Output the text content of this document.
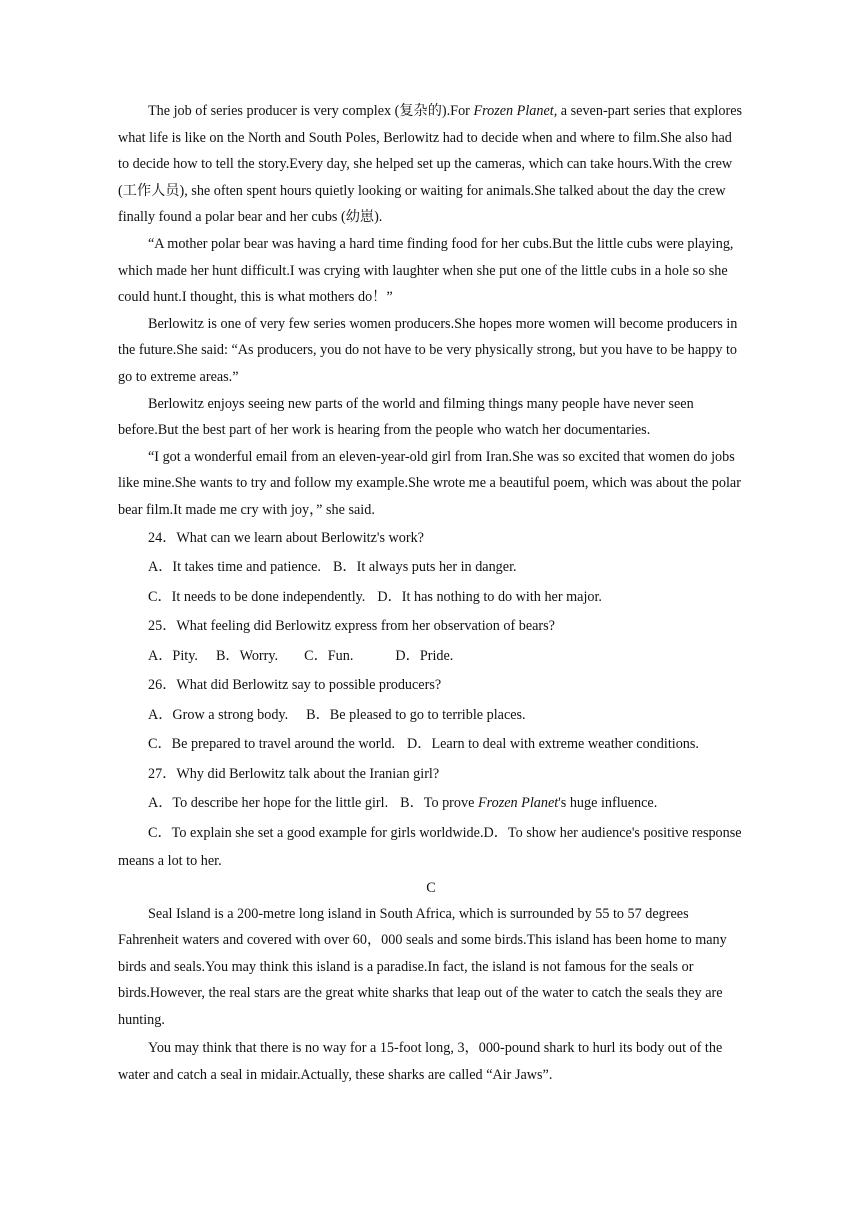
The job of series producer is very complex (复杂的).For Frozen Planet, a seven-part series that explores what life is like on the North and South Poles, Berlowitz had to decide when and where to film.She also had to decide how to tell the story.Every day, she helped set up the cameras, which can take hours.With the crew (工作人员), she often spent hours quietly looking or waiting for animals.She talked about the day the crew finally found a polar bear and her cubs (幼崽).

“A mother polar bear was having a hard time finding food for her cubs.But the little cubs were playing, which made her hunt difficult.I was crying with laughter when she put one of the little cubs in a hole so she could hunt.I thought, this is what mothers do！”

Berlowitz is one of very few series women producers.She hopes more women will become producers in the future.She said: “As producers, you do not have to be very physically strong, but you have to be happy to go to extreme areas.”

Berlowitz enjoys seeing new parts of the world and filming things many people have never seen before.But the best part of her work is hearing from the people who watch her documentaries.

“I got a wonderful email from an eleven-year-old girl from Iran.She was so excited that women do jobs like mine.She wants to try and follow my example.She wrote me a beautiful poem, which was about the polar bear film.It made me cry with joy，” she said.

24．What can we learn about Berlowitz's work?

A．It takes time and patience. B．It always puts her in danger.

C．It needs to be done independently. D．It has nothing to do with her major.

25．What feeling did Berlowitz express from her observation of bears?

A．Pity. B．Worry. C．Fun.	D．Pride.

26．What did Berlowitz say to possible producers?

A．Grow a strong body. B．Be pleased to go to terrible places.

C．Be prepared to travel around the world. D．Learn to deal with extreme weather conditions.

27．Why did Berlowitz talk about the Iranian girl?

A．To describe her hope for the little girl. B．To prove Frozen Planet's huge influence.

C．To explain she set a good example for girls worldwide.D．To show her audience's positive response means a lot to her.

C

Seal Island is a 200-metre long island in South Africa, which is surrounded by 55 to 57 degrees Fahrenheit waters and covered with over 60，000 seals and some birds.This island has been home to many birds and seals.You may think this island is a paradise.In fact, the island is not famous for the seals or birds.However, the real stars are the great white sharks that leap out of the water to catch the seals they are hunting.

You may think that there is no way for a 15-foot long, 3，000-pound shark to hurl its body out of the water and catch a seal in midair.Actually, these sharks are called “Air Jaws”.
